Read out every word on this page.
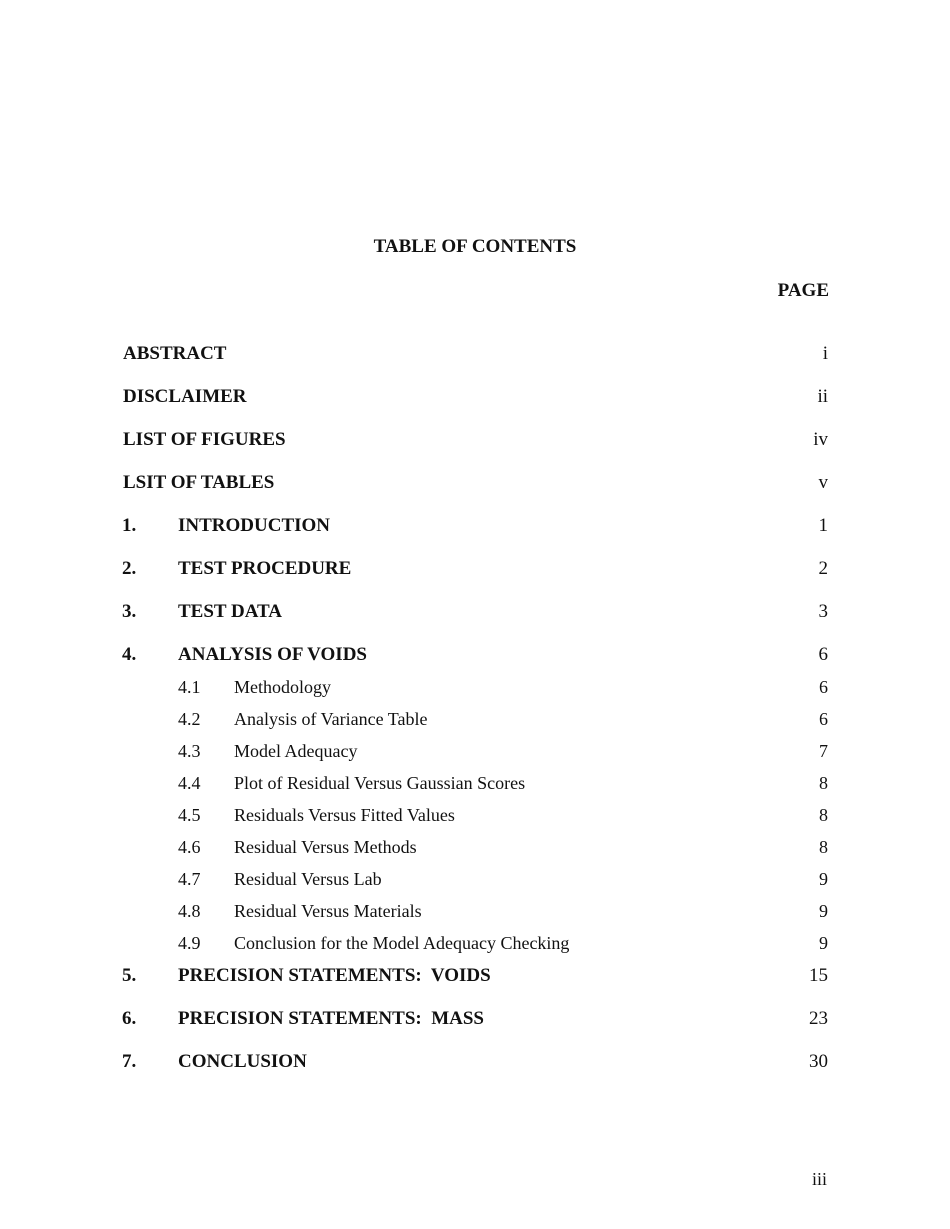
TABLE OF CONTENTS
PAGE
ABSTRACT	i
DISCLAIMER	ii
LIST OF FIGURES	iv
LSIT OF TABLES	v
1. INTRODUCTION	1
2. TEST PROCEDURE	2
3. TEST DATA	3
4. ANALYSIS OF VOIDS	6
4.1 Methodology	6
4.2 Analysis of Variance Table	6
4.3 Model Adequacy	7
4.4 Plot of Residual Versus Gaussian Scores	8
4.5 Residuals Versus Fitted Values	8
4.6 Residual Versus Methods	8
4.7 Residual Versus Lab	9
4.8 Residual Versus Materials	9
4.9 Conclusion for the Model Adequacy Checking	9
5. PRECISION STATEMENTS:  VOIDS	15
6. PRECISION STATEMENTS:  MASS	23
7. CONCLUSION	30
iii
